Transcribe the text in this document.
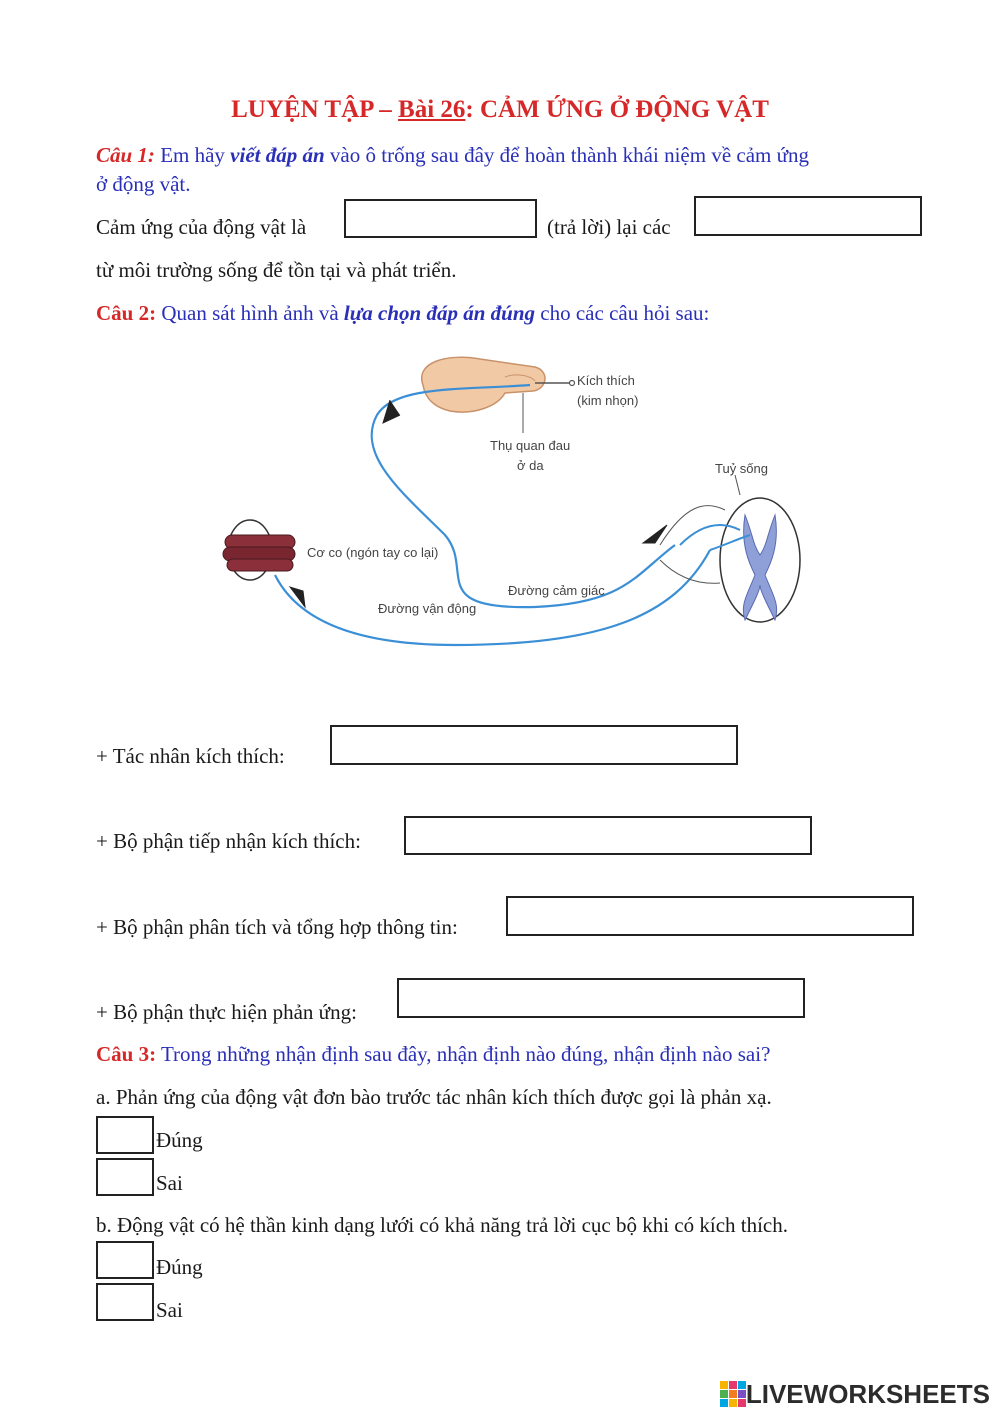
LUYỆN TẬP – Bài 26: CẢM ỨNG Ở ĐỘNG VẬT
Câu 1: Em hãy viết đáp án vào ô trống sau đây để hoàn thành khái niệm về cảm ứng
ở động vật.
Cảm ứng của động vật là	(trả lời) lại các
từ môi trường sống để tồn tại và phát triển.
Câu 2: Quan sát hình ảnh và lựa chọn đáp án đúng cho các câu hỏi sau:
Kích thích
(kim nhọn)
Thụ quan đau
ở da	Tuỷ sống
Cơ co (ngón tay co lại)
Đường cảm giác
Đường vận động
+ Tác nhân kích thích:
+ Bộ phận tiếp nhận kích thích:
+ Bộ phận phân tích và tổng hợp thông tin:
+ Bộ phận thực hiện phản ứng:
Câu 3: Trong những nhận định sau đây, nhận định nào đúng, nhận định nào sai?
a. Phản ứng của động vật đơn bào trước tác nhân kích thích được gọi là phản xạ.
Đúng
Sai
b. Động vật có hệ thần kinh dạng lưới có khả năng trả lời cục bộ khi có kích thích.
Đúng
Sai
LIVEWORKSHEETS
